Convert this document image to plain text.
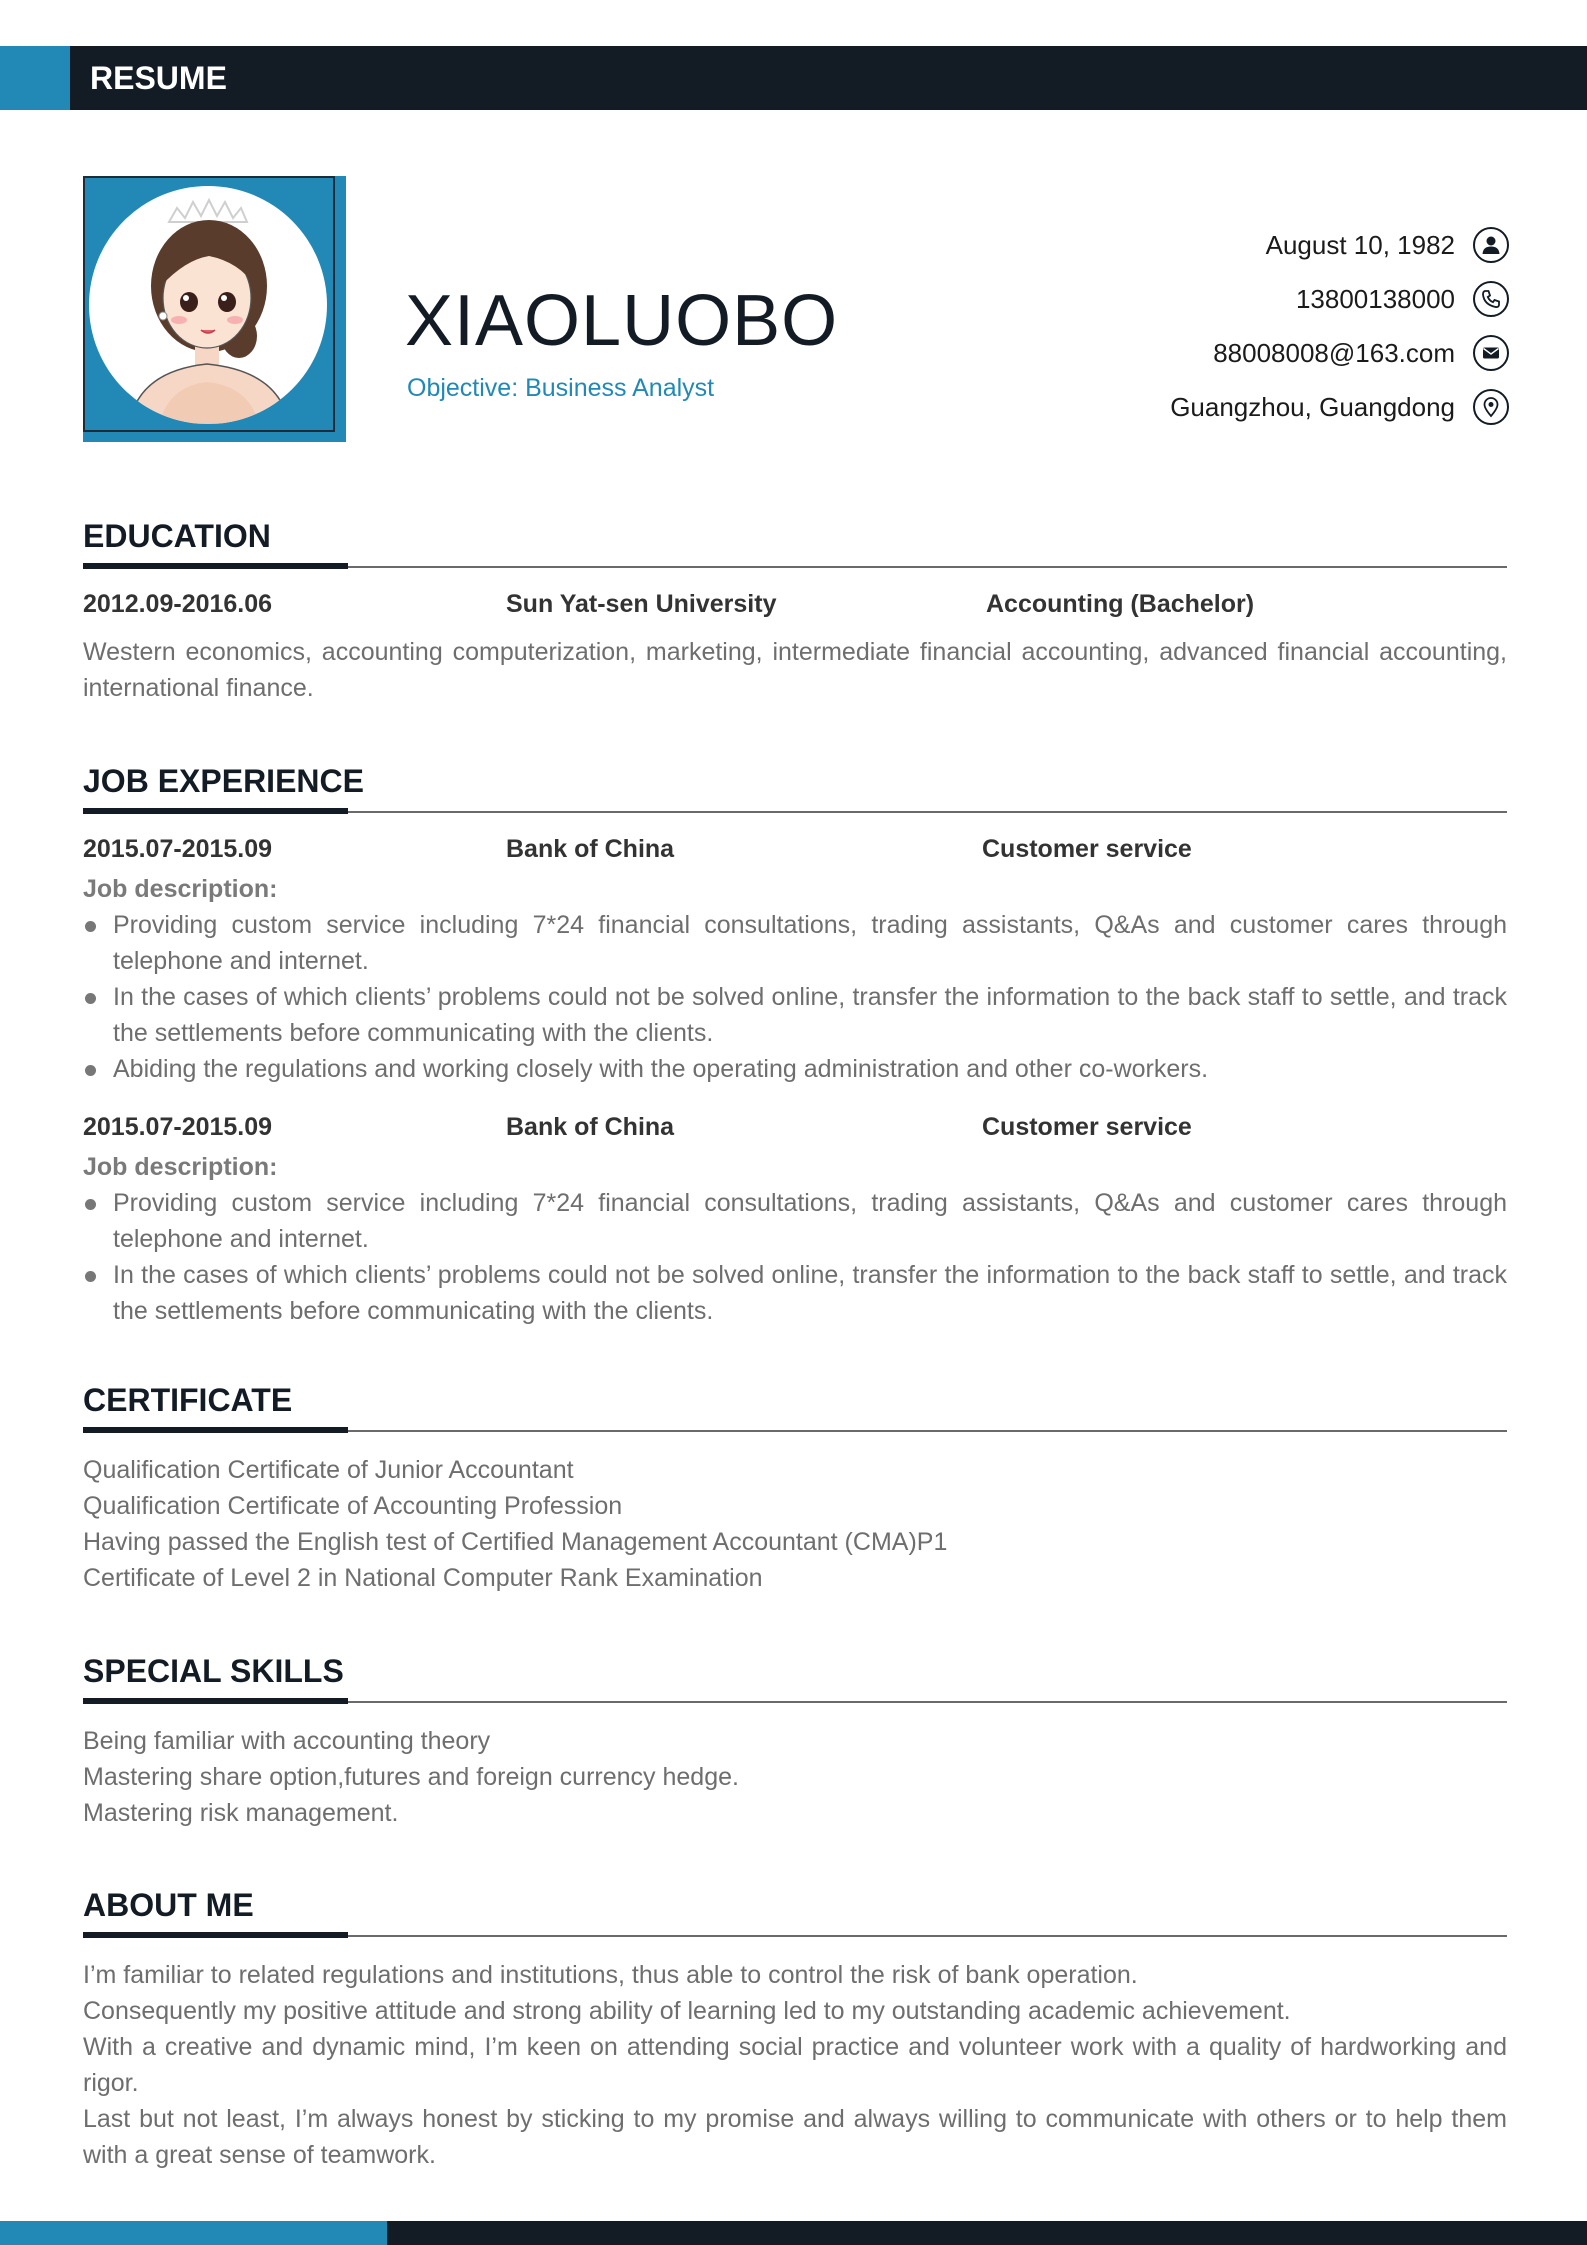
RESUME
XIAOLUOBO
Objective: Business Analyst
August 10, 1982
13800138000
88008008@163.com
Guangzhou, Guangdong
EDUCATION
2012.09-2016.06	Sun Yat-sen University	Accounting (Bachelor)
Western economics, accounting computerization, marketing, intermediate financial accounting, advanced financial accounting, international finance.
JOB EXPERIENCE
2015.07-2015.09	Bank of China	Customer service
Job description:
Providing custom service including 7*24 financial consultations, trading assistants, Q&As and customer cares through telephone and internet.
In the cases of which clients’ problems could not be solved online, transfer the information to the back staff to settle, and track the settlements before communicating with the clients.
Abiding the regulations and working closely with the operating administration and other co-workers.
2015.07-2015.09	Bank of China	Customer service
Job description:
Providing custom service including 7*24 financial consultations, trading assistants, Q&As and customer cares through telephone and internet.
In the cases of which clients’ problems could not be solved online, transfer the information to the back staff to settle, and track the settlements before communicating with the clients.
CERTIFICATE
Qualification Certificate of Junior Accountant
Qualification Certificate of Accounting Profession
Having passed the English test of Certified Management Accountant (CMA)P1
Certificate of Level 2 in National Computer Rank Examination
SPECIAL SKILLS
Being familiar with accounting theory
Mastering share option,futures and foreign currency hedge.
Mastering risk management.
ABOUT ME
I’m familiar to related regulations and institutions, thus able to control the risk of bank operation.
Consequently my positive attitude and strong ability of learning led to my outstanding academic achievement.
With a creative and dynamic mind, I’m keen on attending social practice and volunteer work with a quality of hardworking and rigor.
Last but not least, I’m always honest by sticking to my promise and always willing to communicate with others or to help them with a great sense of teamwork.
